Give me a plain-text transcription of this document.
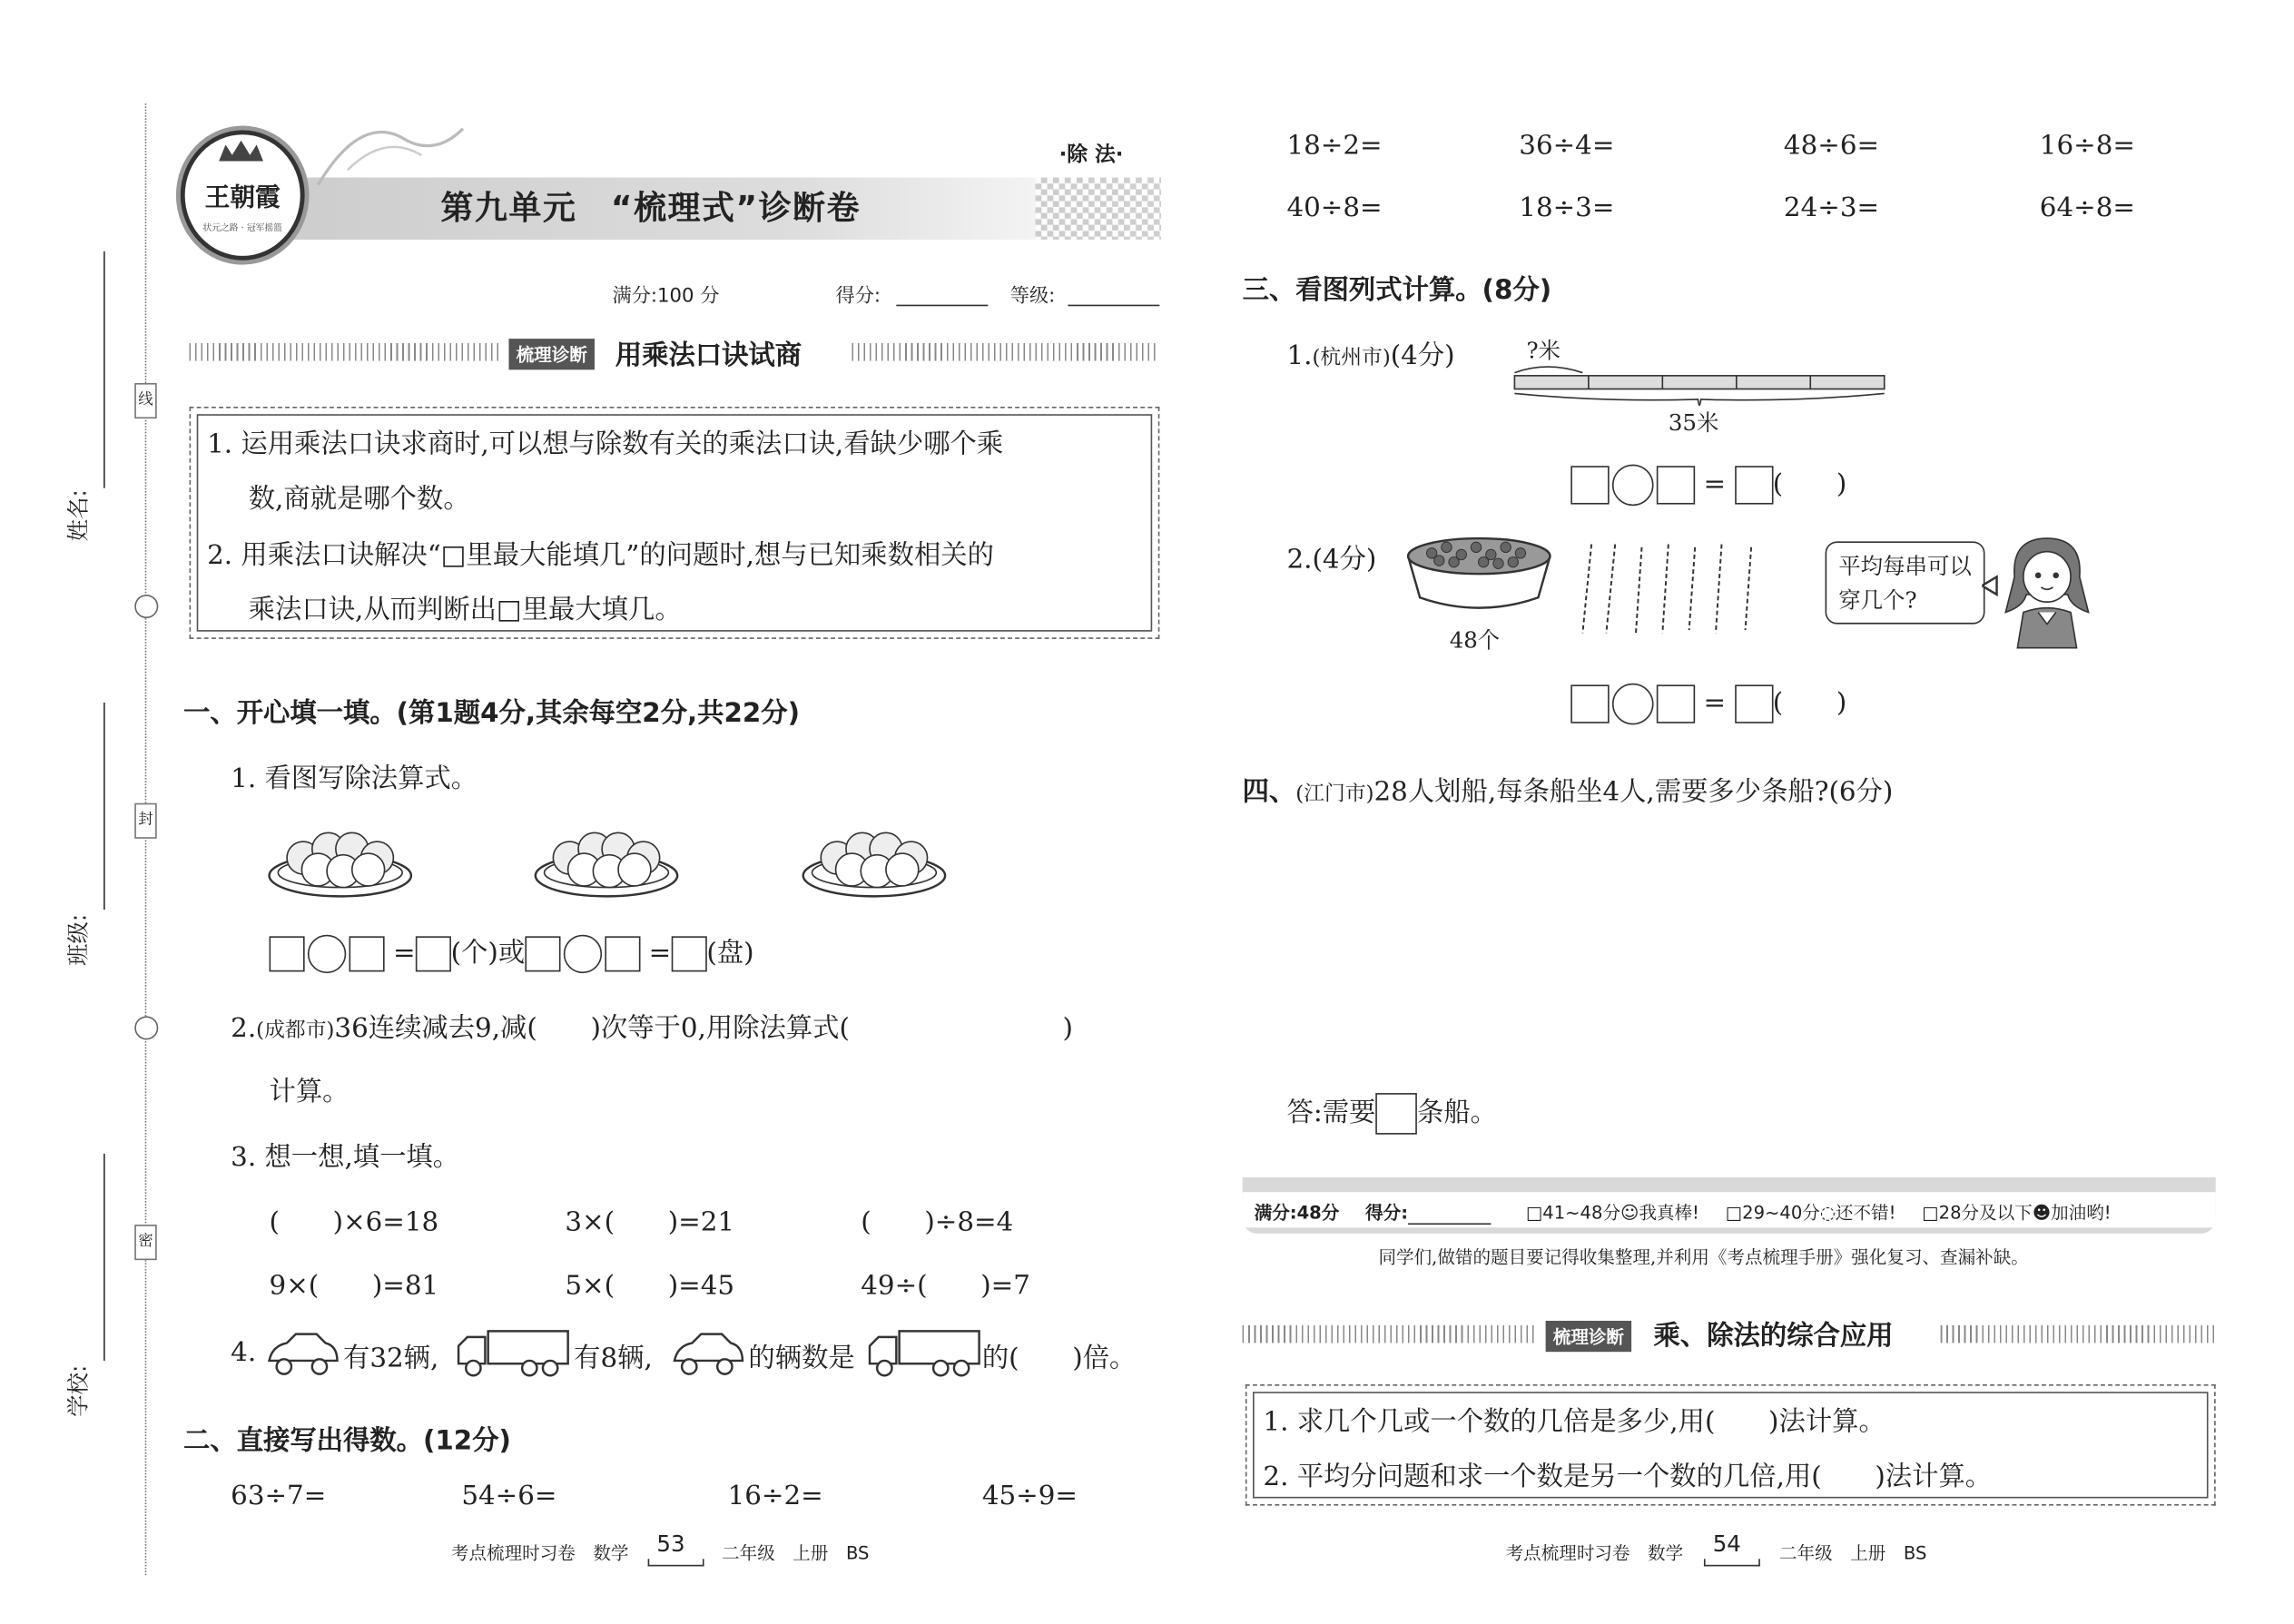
线
封
密
姓名:
班级:
学校:
王朝霞
状元之路 · 冠军摇篮
第九单元　“梳理式”诊断卷
·除 法·
满分:100 分	得分:	等级:
梳理诊断	用乘法口诀试商
1. 运用乘法口诀求商时,可以想与除数有关的乘法口诀,看缺少哪个乘
数,商就是哪个数。
2. 用乘法口诀解决“□里最大能填几”的问题时,想与已知乘数相关的
乘法口诀,从而判断出□里最大填几。
一、开心填一填。(第1题4分,其余每空2分,共22分)
1. 看图写除法算式。
= (个)或	= (盘)
2.(成都市)36连续减去9,减(　　)次等于0,用除法算式(　　　　　　　　)
计算。
3. 想一想,填一填。
(　　)×6=18	3×(　　)=21	(　　)÷8=4
9×(　　)=81	5×(　　)=45	49÷(　　)=7
4.	有32辆,	有8辆,	的辆数是	的(　　)倍。
二、直接写出得数。(12分)
63÷7=	54÷6=	16÷2=	45÷9=
考点梳理时习卷　数学 53	二年级　上册　BS
18÷2=	36÷4=	48÷6=	16÷8=
40÷8=	18÷3=	24÷3=	64÷8=
三、看图列式计算。(8分)
1.(杭州市)(4分)	?米
35米
= (　　)
2.(4分)
48个
平均每串可以穿几个?
= (　　)
四、(江门市)28人划船,每条船坐4人,需要多少条船?(6分)
答:需要	条船。
满分:48分 得分:	□41~48分☺我真棒! □29~40分◌还不错! □28分及以下☻加油哟!
同学们,做错的题目要记得收集整理,并利用《考点梳理手册》强化复习、查漏补缺。
梳理诊断	乘、除法的综合应用
1. 求几个几或一个数的几倍是多少,用(　　)法计算。
2. 平均分问题和求一个数是另一个数的几倍,用(　　)法计算。
考点梳理时习卷　数学 54	二年级　上册　BS
